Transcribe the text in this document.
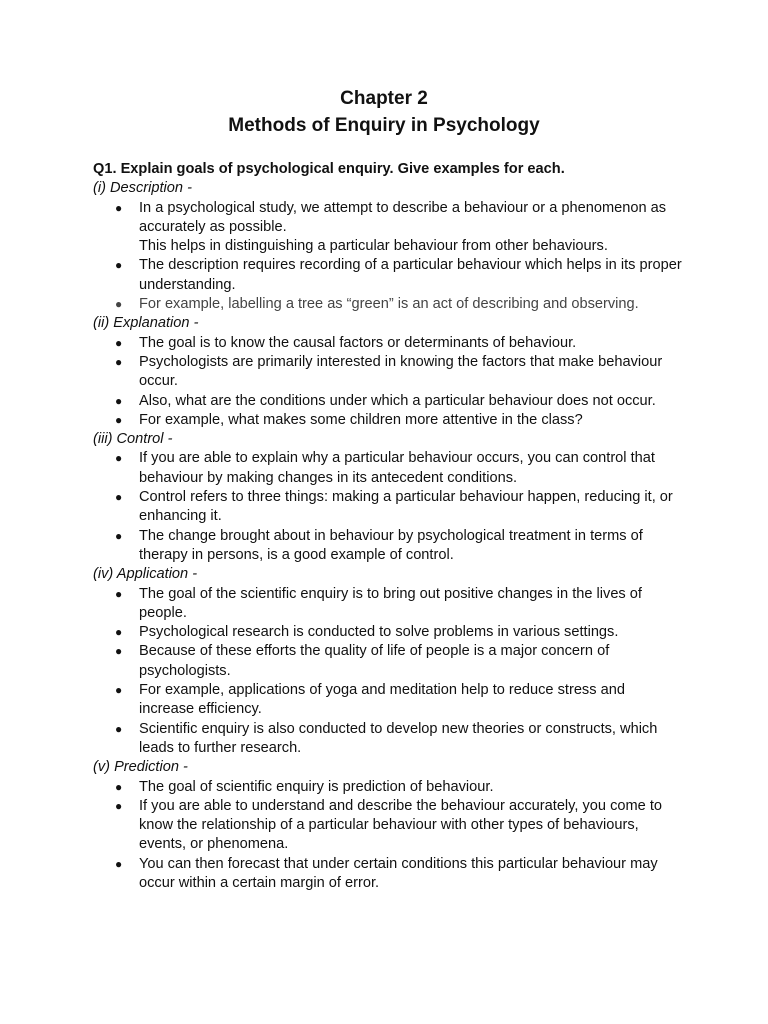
Chapter 2
Methods of Enquiry in Psychology

Q1. Explain goals of psychological enquiry. Give examples for each.

(i) Description -

● In a psychological study, we attempt to describe a behaviour or a phenomenon as accurately as possible.
This helps in distinguishing a particular behaviour from other behaviours.
● The description requires recording of a particular behaviour which helps in its proper understanding.
● For example, labelling a tree as “green” is an act of describing and observing.

(ii) Explanation -

● The goal is to know the causal factors or determinants of behaviour.
● Psychologists are primarily interested in knowing the factors that make behaviour occur.
● Also, what are the conditions under which a particular behaviour does not occur.
● For example, what makes some children more attentive in the class?

(iii) Control -

● If you are able to explain why a particular behaviour occurs, you can control that behaviour by making changes in its antecedent conditions.
● Control refers to three things: making a particular behaviour happen, reducing it, or enhancing it.
● The change brought about in behaviour by psychological treatment in terms of therapy in persons, is a good example of control.

(iv) Application -

● The goal of the scientific enquiry is to bring out positive changes in the lives of people.
● Psychological research is conducted to solve problems in various settings.
● Because of these efforts the quality of life of people is a major concern of psychologists.
● For example, applications of yoga and meditation help to reduce stress and increase efficiency.
● Scientific enquiry is also conducted to develop new theories or constructs, which leads to further research.

(v) Prediction -

● The goal of scientific enquiry is prediction of behaviour.
● If you are able to understand and describe the behaviour accurately, you come to know the relationship of a particular behaviour with other types of behaviours, events, or phenomena.
● You can then forecast that under certain conditions this particular behaviour may occur within a certain margin of error.
